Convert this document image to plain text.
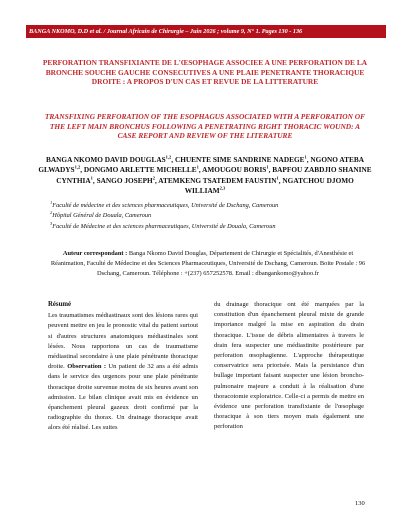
BANGA NKOMO, D.D et al. / Journal Africain de Chirurgie – Juin 2026 ; volume 9, N° 1. Pages 130 - 136

PERFORATION TRANSFIXIANTE DE L'ŒSOPHAGE ASSOCIEE A UNE PERFORATION DE LA BRONCHE SOUCHE GAUCHE CONSECUTIVES A UNE PLAIE PENETRANTE THORACIQUE DROITE : A PROPOS D'UN CAS ET REVUE DE LA LITTERATURE

TRANSFIXING PERFORATION OF THE ESOPHAGUS ASSOCIATED WITH A PERFORATION OF THE LEFT MAIN BRONCHUS FOLLOWING A PENETRATING RIGHT THORACIC WOUND: A CASE REPORT AND REVIEW OF THE LITERATURE

BANGA NKOMO DAVID DOUGLAS$^{1,2}$, CHUENTE SIME SANDRINE NADEGE$^1$, NGONO ATEBA GLWADYS$^{1,2}$, DONGMO ARLETTE MICHELLE$^1$, AMOUGOU BORIS$^1$, BAPFOU ZABDJIO SHANINE CYNTHIA$^1$, SANGO JOSEPH$^2$, ATEMKENG TSATEDEM FAUSTIN$^1$, NGATCHOU DJOMO WILLIAM$^{2,3}$

$^1$Faculté de médecine et des sciences pharmaceutiques, Université de Dschang, Cameroun
$^2$Hôpital Général de Douala, Cameroun
$^3$Faculté de Médecine et des sciences pharmaceutiques, Université de Douala, Cameroun

Auteur correspondant : Banga Nkomo David Douglas, Département de Chirurgie et Spécialités, d'Anesthésie et Réanimation, Faculté de Médecine et des Sciences Pharmaceutiques, Université de Dschang, Cameroun. Boite Postale : 96 Dschang, Cameroun. Téléphone : +(237) 657252578. Email : dbangankomo@yahoo.fr

Résumé

Les traumatismes médiastinaux sont des lésions rares qui peuvent mettre en jeu le pronostic vital du patient surtout si d'autres structures anatomiques médiastinales sont lésées. Nous rapportons un cas de traumatisme médiastinal secondaire à une plaie pénétrante thoracique droite. Observation : Un patient de 32 ans a été admis dans le service des urgences pour une plaie pénétrante thoracique droite survenue moins de six heures avant son admission. Le bilan clinique avait mis en évidence un épanchement pleural gazeux droit confirmé par la radiographie du thorax. Un drainage thoracique avait alors été réalisé. Les suites

du drainage thoracique ont été marquées par la constitution d'un épanchement pleural mixte de grande importance malgré la mise en aspiration du drain thoracique. L'issue de débris alimentaires à travers le drain fera suspecter une médiastinite postérieure par perforation œsophagienne. L'approche thérapeutique conservatrice sera priorisée. Mais la persistance d'un bullage important faisant suspecter une lésion broncho-pulmonaire majeure a conduit à la réalisation d'une thoracotomie exploratrice. Celle-ci a permis de mettre en évidence une perforation transfixiante de l'œsophage thoracique à son tiers moyen mais également une perforation

130
